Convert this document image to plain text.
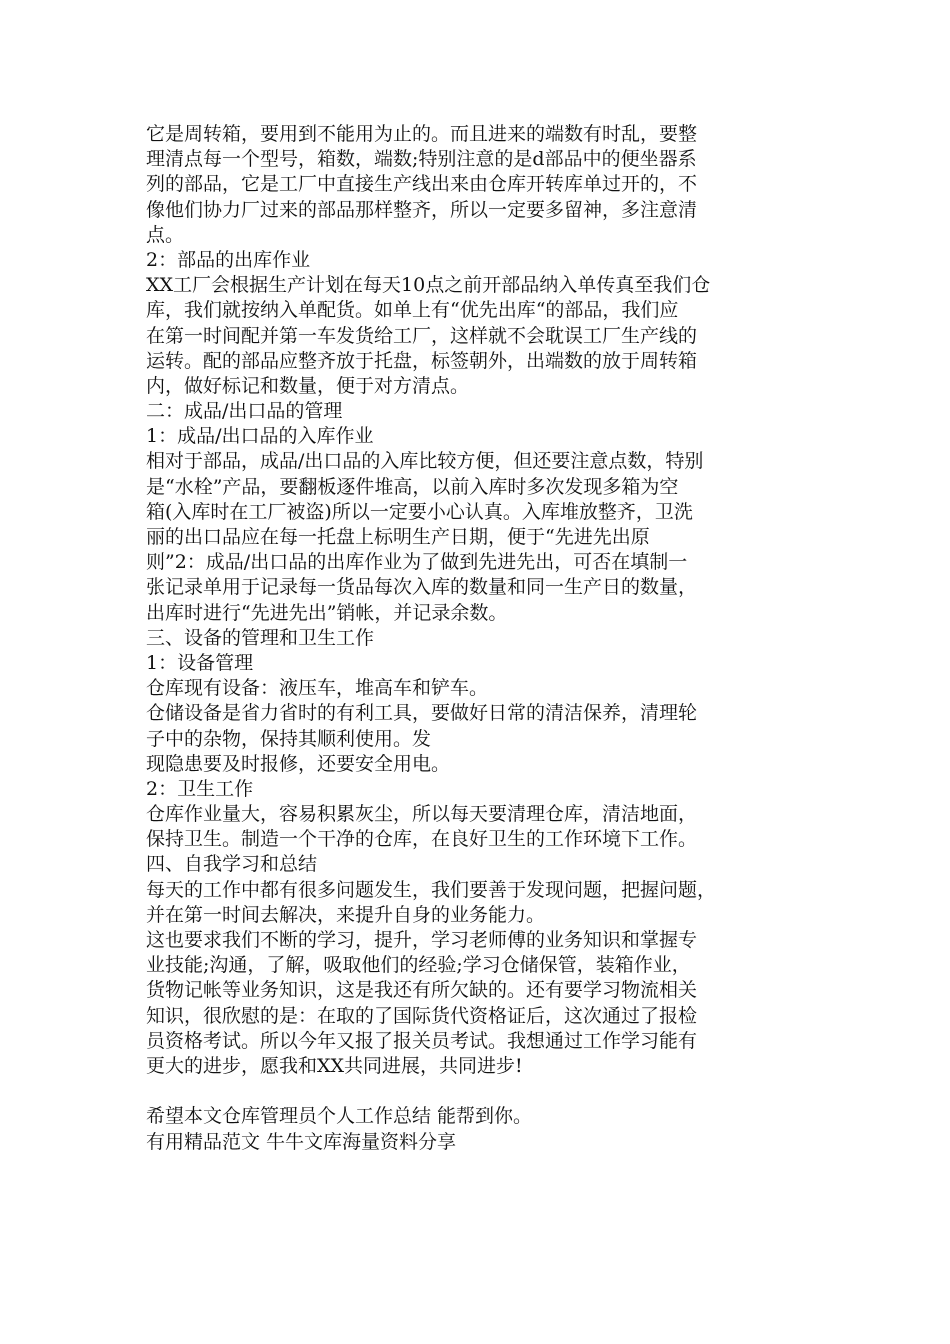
它是周转箱，要用到不能用为止的。而且进来的端数有时乱，要整
理清点每一个型号，箱数，端数;特别注意的是d部品中的便坐器系
列的部品，它是工厂中直接生产线出来由仓库开转库单过开的，不
像他们协力厂过来的部品那样整齐，所以一定要多留神，多注意清
点。
2：部品的出库作业
XX工厂会根据生产计划在每天10点之前开部品纳入单传真至我们仓
库，我们就按纳入单配货。如单上有“优先出库“的部品，我们应
在第一时间配并第一车发货给工厂，这样就不会耽误工厂生产线的
运转。配的部品应整齐放于托盘，标签朝外，出端数的放于周转箱
内，做好标记和数量，便于对方清点。
二：成品/出口品的管理
1：成品/出口品的入库作业
相对于部品，成品/出口品的入库比较方便，但还要注意点数，特别
是“水栓”产品，要翻板逐件堆高，以前入库时多次发现多箱为空
箱(入库时在工厂被盗)所以一定要小心认真。入库堆放整齐，卫洗
丽的出口品应在每一托盘上标明生产日期，便于“先进先出原
则”2：成品/出口品的出库作业为了做到先进先出，可否在填制一
张记录单用于记录每一货品每次入库的数量和同一生产日的数量，
出库时进行“先进先出”销帐，并记录余数。
三、设备的管理和卫生工作
1：设备管理
仓库现有设备：液压车，堆高车和铲车。
仓储设备是省力省时的有利工具，要做好日常的清洁保养，清理轮
子中的杂物，保持其顺利使用。发
现隐患要及时报修，还要安全用电。
2：卫生工作
仓库作业量大，容易积累灰尘，所以每天要清理仓库，清洁地面，
保持卫生。制造一个干净的仓库，在良好卫生的工作环境下工作。
四、自我学习和总结
每天的工作中都有很多问题发生，我们要善于发现问题，把握问题，
并在第一时间去解决，来提升自身的业务能力。
这也要求我们不断的学习，提升，学习老师傅的业务知识和掌握专
业技能;沟通，了解，吸取他们的经验;学习仓储保管，装箱作业，
货物记帐等业务知识，这是我还有所欠缺的。还有要学习物流相关
知识，很欣慰的是：在取的了国际货代资格证后，这次通过了报检
员资格考试。所以今年又报了报关员考试。我想通过工作学习能有
更大的进步，愿我和XX共同进展，共同进步!
希望本文仓库管理员个人工作总结 能帮到你。
有用精品范文 牛牛文库海量资料分享
